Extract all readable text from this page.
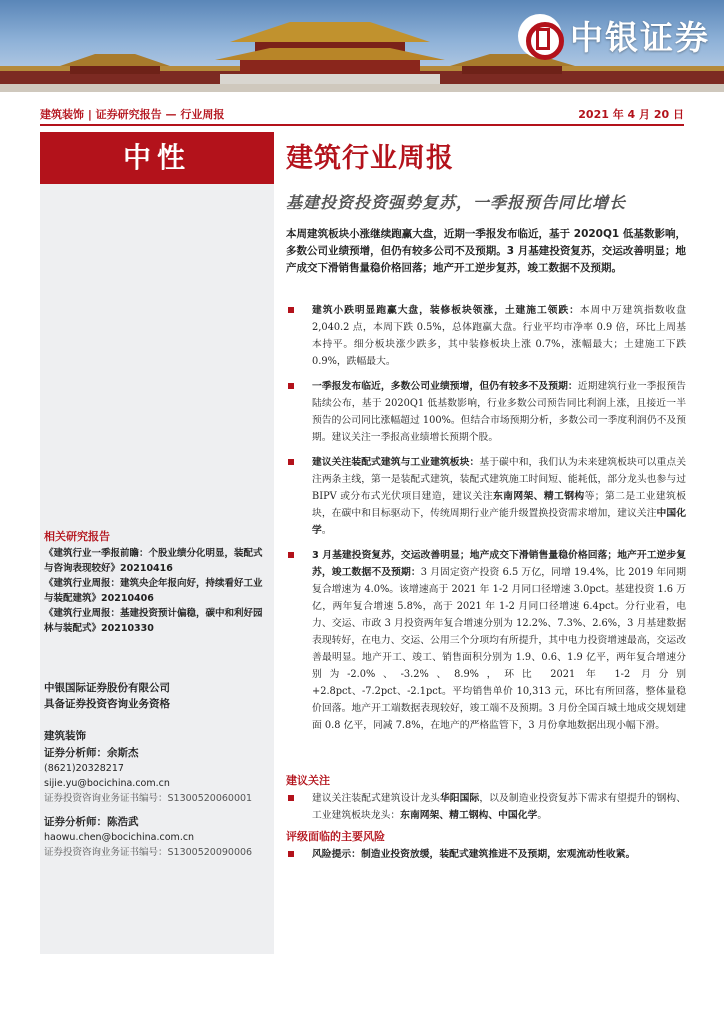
中银证券
建筑装饰 | 证券研究报告 — 行业周报	2021 年 4 月 20 日
中性
相关研究报告
《建筑行业一季报前瞻：个股业绩分化明显，装配式与咨询表现较好》20210416
《建筑行业周报：建筑央企年报向好，持续看好工业与装配建筑》20210406
《建筑行业周报：基建投资预计偏稳，碳中和利好园林与装配式》20210330
中银国际证券股份有限公司
具备证券投资咨询业务资格
建筑装饰
证券分析师：余斯杰
(8621)20328217
sijie.yu@bocichina.com.cn
证券投资咨询业务证书编号：S1300520060001
证券分析师：陈浩武
haowu.chen@bocichina.com.cn
证券投资咨询业务证书编号：S1300520090006
建筑行业周报
基建投资投资强势复苏，一季报预告同比增长
本周建筑板块小涨继续跑赢大盘，近期一季报发布临近，基于 2020Q1 低基数影响，多数公司业绩预增，但仍有较多公司不及预期。3 月基建投资复苏，交运改善明显；地产成交下滑销售量稳价格回落；地产开工逆步复苏，竣工数据不及预期。
建筑小跌明显跑赢大盘，装修板块领涨，土建施工领跌：本周中万建筑指数收盘 2,040.2 点，本周下跌 0.5%，总体跑赢大盘。行业平均市净率 0.9 倍，环比上周基本持平。细分板块涨少跌多，其中装修板块上涨 0.7%，涨幅最大；土建施工下跌 0.9%，跌幅最大。
一季报发布临近，多数公司业绩预增，但仍有较多不及预期：近期建筑行业一季报预告陆续公布，基于 2020Q1 低基数影响，行业多数公司预告同比利润上涨，且接近一半预告的公司同比涨幅超过 100%。但结合市场预期分析，多数公司一季度利润仍不及预期。建议关注一季报高业绩增长预期个股。
建议关注装配式建筑与工业建筑板块：基于碳中和，我们认为未来建筑板块可以重点关注两条主线，第一是装配式建筑，装配式建筑施工时间短、能耗低，部分龙头也参与过 BIPV 或分布式光伏项目建造，建议关注东南网架、精工钢构等；第二是工业建筑板块，在碳中和目标驱动下，传统周期行业产能升级置换投资需求增加，建议关注中国化学。
3 月基建投资复苏，交运改善明显；地产成交下滑销售量稳价格回落；地产开工逆步复苏，竣工数据不及预期：3 月固定资产投资 6.5 万亿，同增 19.4%，比 2019 年同期复合增速为 4.0%。该增速高于 2021 年 1-2 月同口径增速 3.0pct。基建投资 1.6 万亿，两年复合增速 5.8%，高于 2021 年 1-2 月同口径增速 6.4pct。分行业看，电力、交运、市政 3 月投资两年复合增速分别为 12.2%、7.3%、2.6%，3 月基建数据表现转好，在电力、交运、公用三个分项均有所提升，其中电力投资增速最高，交运改善最明显。地产开工、竣工、销售面积分别为 1.9、0.6、1.9 亿平，两年复合增速分别为-2.0%、-3.2%、8.9%，环比 2021 年 1-2 月分别+2.8pct、-7.2pct、-2.1pct。平均销售单价 10,313 元，环比有所回落，整体量稳价回落。地产开工端数据表现较好，竣工端不及预期。3 月份全国百城土地成交规划建面 0.8 亿平，同减 7.8%，在地产的严格监管下，3 月份拿地数据出现小幅下滑。
建议关注
建议关注装配式建筑设计龙头华阳国际，以及制造业投资复苏下需求有望提升的钢构、工业建筑板块龙头：东南网架、精工钢构、中国化学。
评级面临的主要风险
风险提示：制造业投资放缓，装配式建筑推进不及预期，宏观流动性收紧。
